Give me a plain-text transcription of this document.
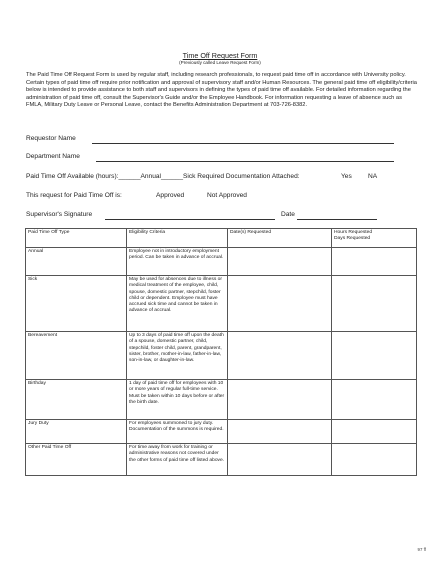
Time Off Request Form
(Previously called Leave Request Form)

The Paid Time Off Request Form is used by regular staff, including research professionals, to request paid time off in accordance with University policy. Certain types of paid time off require prior notification and approval of supervisory staff and/or Human Resources. The general paid time off eligibility/criteria below is intended to provide assistance to both staff and supervisors in defining the types of paid time off available. For detailed information regarding the administration of paid time off, consult the Supervisor's Guide and/or the Employee Handbook. For information requesting a leave of absence such as FMLA, Military Duty Leave or Personal Leave, contact the Benefits Administration Department at 703-726-8382.

Requestor Name
Department Name
Paid Time Off Available (hours):______Annual______Sick Required Documentation Attached:	Yes NA
This request for Paid Time Off is:	Approved	Not Approved
Supervisor's Signature	Date
Paid Time Off Type	Eligibility Criteria	Date(s) Requested	Hours Requested
Days Requested
Annual	Employee not in introductory employment period. Can be taken in advance of accrual.		
Sick	May be used for absences due to illness or medical treatment of the employee, child, spouse, domestic partner, stepchild, foster child or dependent. Employee must have accrued sick time and cannot be taken in advance of accrual.		
Bereavement	Up to 3 days of paid time off upon the death of a spouse, domestic partner, child, stepchild, foster child, parent, grandparent, sister, brother, mother-in-law, father-in-law, son-in-law, or daughter-in-law.		
Birthday	1 day of paid time off for employees with 10 or more years of regular full-time service. Must be taken within 10 days before or after the birth date.		
Jury Duty	For employees summoned to jury duty. Documentation of the summons is required.		
Other Paid Time Off	For time away from work for training or administrative reasons not covered under the other forms of paid time off listed above.		
97 ff
